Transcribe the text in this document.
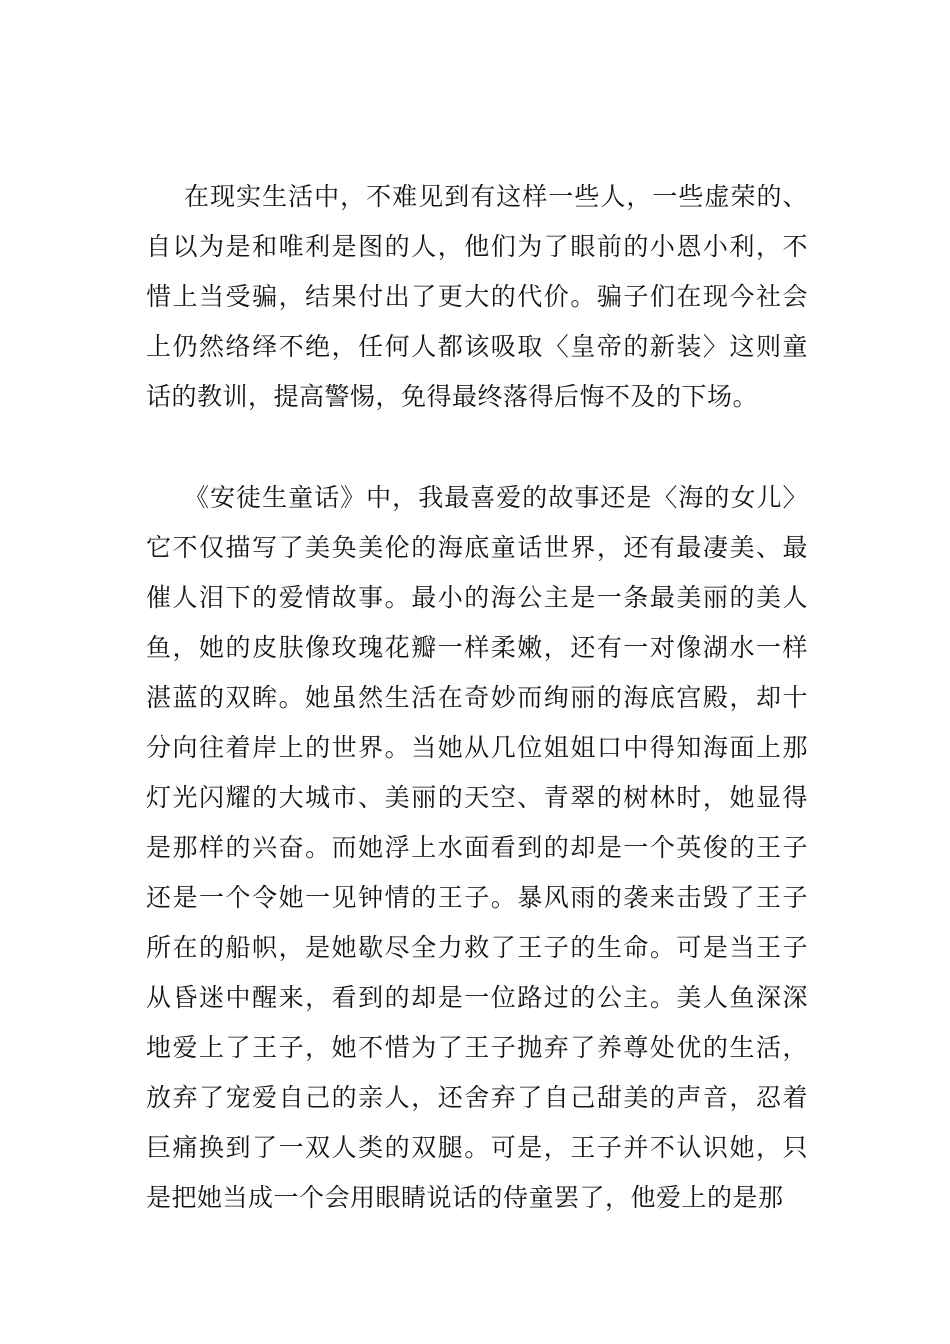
在现实生活中，不难见到有这样一些人，一些虚荣的、自以为是和唯利是图的人，他们为了眼前的小恩小利，不惜上当受骗，结果付出了更大的代价。骗子们在现今社会上仍然络绎不绝，任何人都该吸取〈皇帝的新装〉这则童话的教训，提高警惕，免得最终落得后悔不及的下场。

《安徒生童话》中，我最喜爱的故事还是〈海的女儿〉它不仅描写了美奂美伦的海底童话世界，还有最凄美、最催人泪下的爱情故事。最小的海公主是一条最美丽的美人鱼，她的皮肤像玫瑰花瓣一样柔嫩，还有一对像湖水一样湛蓝的双眸。她虽然生活在奇妙而绚丽的海底宫殿，却十分向往着岸上的世界。当她从几位姐姐口中得知海面上那灯光闪耀的大城市、美丽的天空、青翠的树林时，她显得是那样的兴奋。而她浮上水面看到的却是一个英俊的王子还是一个令她一见钟情的王子。暴风雨的袭来击毁了王子所在的船帜，是她歇尽全力救了王子的生命。可是当王子从昏迷中醒来，看到的却是一位路过的公主。美人鱼深深地爱上了王子，她不惜为了王子抛弃了养尊处优的生活，放弃了宠爱自己的亲人，还舍弃了自己甜美的声音，忍着巨痛换到了一双人类的双腿。可是，王子并不认识她，只是把她当成一个会用眼睛说话的侍童罢了，他爱上的是那
